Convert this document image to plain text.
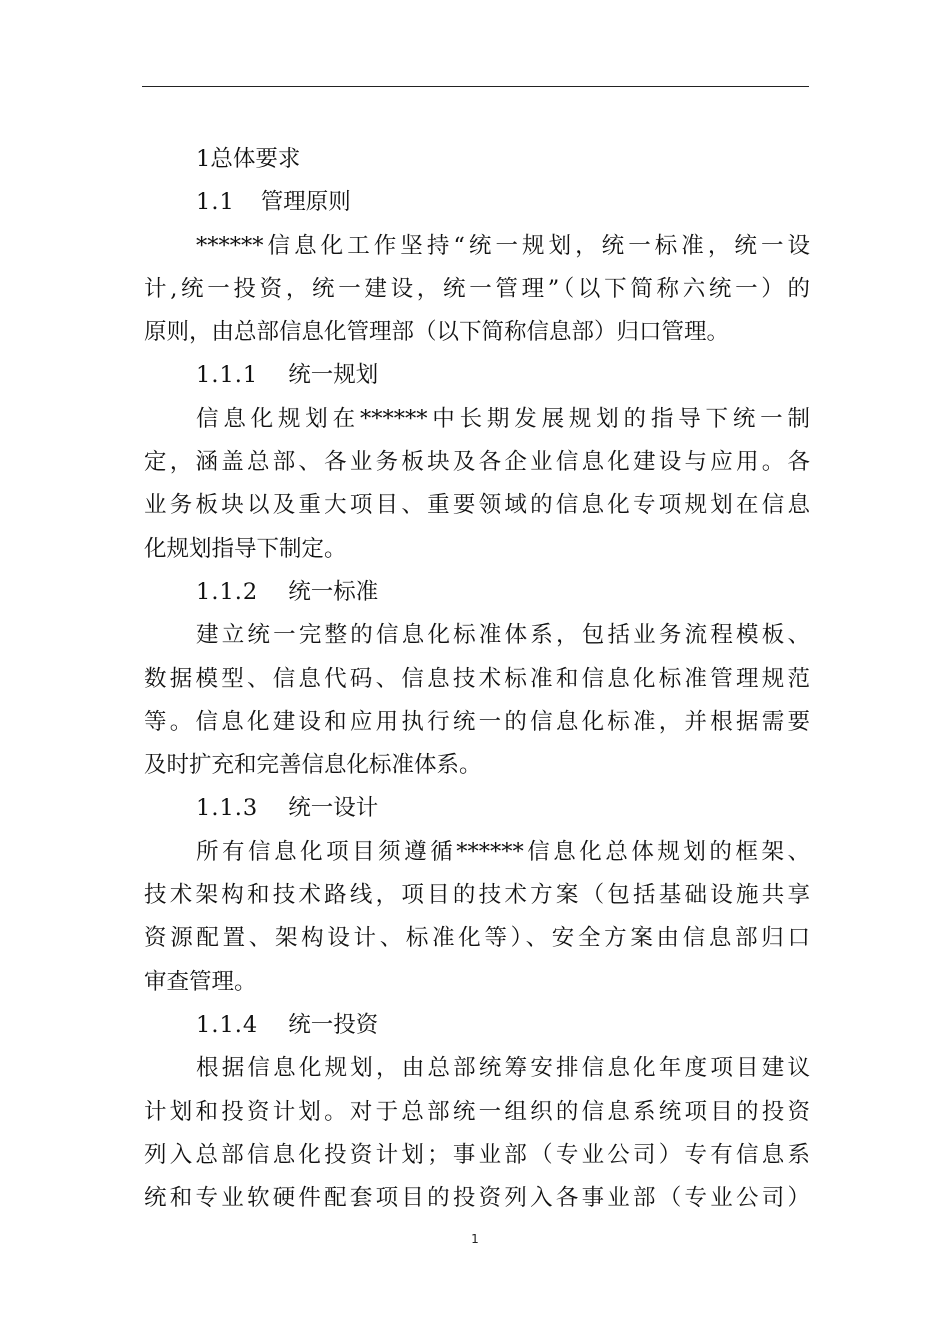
1总体要求
1.1 管理原则
******信息化工作坚持“统一规划，统一标准，统一设
计,统一投资，统一建设，统一管理”（以下简称六统一）的
原则，由总部信息化管理部（以下简称信息部）归口管理。
1.1.1 统一规划
信息化规划在******中长期发展规划的指导下统一制
定，涵盖总部、各业务板块及各企业信息化建设与应用。各
业务板块以及重大项目、重要领域的信息化专项规划在信息
化规划指导下制定。
1.1.2 统一标准
建立统一完整的信息化标准体系，包括业务流程模板、
数据模型、信息代码、信息技术标准和信息化标准管理规范
等。信息化建设和应用执行统一的信息化标准，并根据需要
及时扩充和完善信息化标准体系。
1.1.3 统一设计
所有信息化项目须遵循******信息化总体规划的框架、
技术架构和技术路线，项目的技术方案（包括基础设施共享
资源配置、架构设计、标准化等）、安全方案由信息部归口
审查管理。
1.1.4 统一投资
根据信息化规划，由总部统筹安排信息化年度项目建议
计划和投资计划。对于总部统一组织的信息系统项目的投资
列入总部信息化投资计划；事业部（专业公司）专有信息系
统和专业软硬件配套项目的投资列入各事业部（专业公司）
1
